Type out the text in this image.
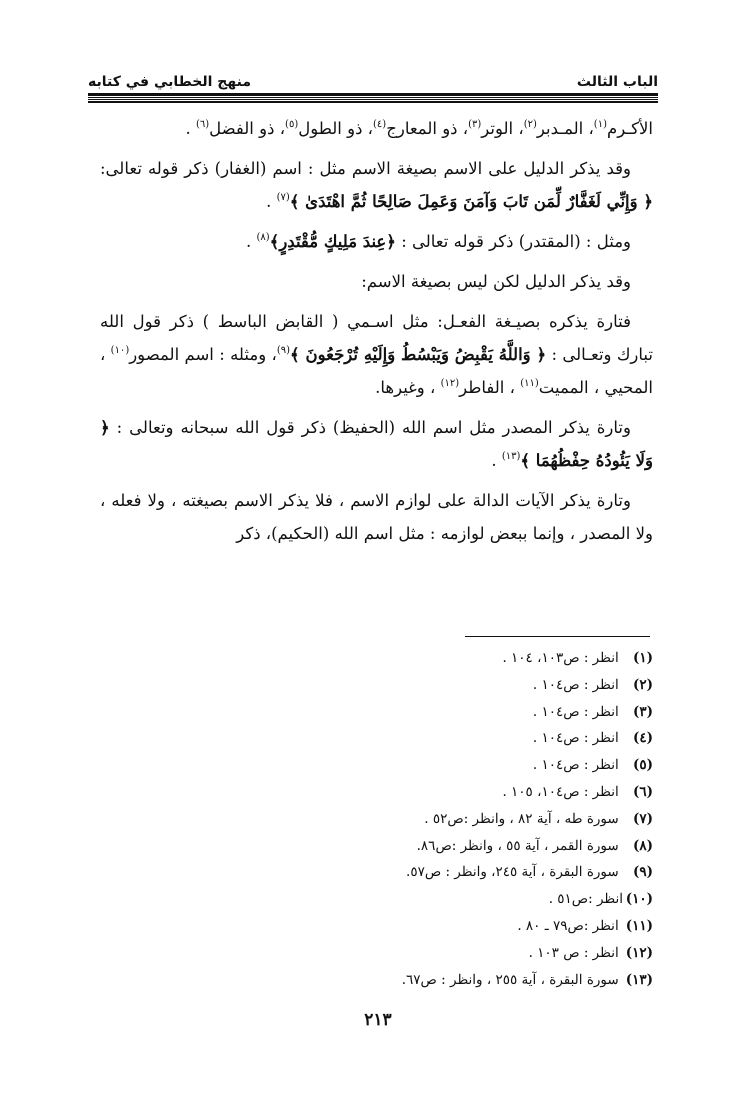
الباب الثالث
منهج الخطابي في كتابه

الأكـرم$^{(١)}$، المـدبر$^{(٢)}$، الوتر$^{(٣)}$، ذو المعارج$^{(٤)}$، ذو الطول$^{(٥)}$، ذو الفضل$^{(٦)}$ .

وقد يذكر الدليل على الاسم بصيغة الاسم مثل : اسم (الغفار) ذكر قوله تعالى: ﴿ وَإِنِّي لَغَفَّارٌ لِّمَن تَابَ وَآمَنَ وَعَمِلَ صَالِحًا ثُمَّ اهْتَدَىٰ ﴾$^{(٧)}$ .

ومثل : (المقتدر) ذكر قوله تعالى : ﴿عِندَ مَلِيكٍ مُّقْتَدِرٍ﴾$^{(٨)}$ .

وقد يذكر الدليل لكن ليس بصيغة الاسم:

فتارة يذكره بصيـغة الفعـل: مثل اسـمي ( القابض الباسط ) ذكر قول الله تبارك وتعـالى : ﴿ وَاللَّهُ يَقْبِضُ وَيَبْسُطُ وَإِلَيْهِ تُرْجَعُونَ ﴾$^{(٩)}$، ومثله : اسم المصور$^{(١٠)}$ ، المحيي ، المميت$^{(١١)}$ ، الفاطر$^{(١٢)}$ ، وغيرها.

وتارة يذكر المصدر مثل اسم الله (الحفيظ) ذكر قول الله سبحانه وتعالى : ﴿ وَلَا يَئُودُهُ حِفْظُهُمَا ﴾$^{(١٣)}$ .

وتارة يذكر الآيات الدالة على لوازم الاسم ، فلا يذكر الاسم بصيغته ، ولا فعله ، ولا المصدر ، وإنما ببعض لوازمه : مثل اسم الله (الحكيم)، ذكر

(١) انظر : ص١٠٣، ١٠٤ .
(٢) انظر : ص١٠٤ .
(٣) انظر : ص١٠٤ .
(٤) انظر : ص١٠٤ .
(٥) انظر : ص١٠٤ .
(٦) انظر : ص١٠٤، ١٠٥ .
(٧) سورة طه ، آية ٨٢ ، وانظر :ص٥٢ .
(٨) سورة القمر ، آية ٥٥ ، وانظر :ص٨٦.
(٩) سورة البقرة ، آية ٢٤٥، وانظر : ص٥٧.
(١٠)انظر :ص٥١ .
(١١) انظر :ص٧٩ ـ ٨٠ .
(١٢) انظر : ص ١٠٣ .
(١٣) سورة البقرة ، آية ٢٥٥ ، وانظر : ص٦٧.
٢١٣
